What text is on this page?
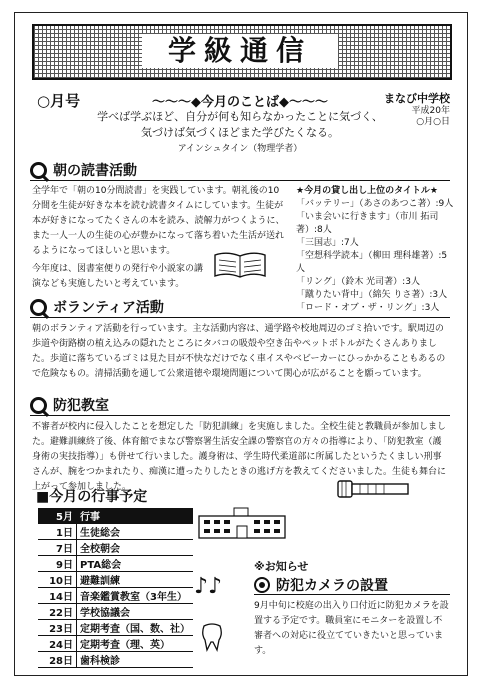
学級通信
○月号	～～～◆今月のことば◆～～～
学べば学ぶほど、自分が何も知らなかったことに気づく、
気づけば気づくほどまた学びたくなる。
アインシュタイン（物理学者）
まなび中学校
平成20年
○月○日
朝の読書活動
全学年で「朝の10分間読書」を実践しています。朝礼後の10分間を生徒が好きな本を読む読書タイムにしています。生徒が本が好きになってたくさんの本を読み、読解力がつくように、また一人一人の生徒の心が豊かになって落ち着いた生活が送れるようになってほしいと思います。
今年度は、図書室便りの発行や小説家の講演なども実施したいと考えています。
★今月の貸し出し上位のタイトル★
「バッテリー」（あさのあつこ著）:9人
「いま会いに行きます」（市川 拓司著）:8人
「三国志」:7人
「空想科学読本」（柳田 理科雄著）:5人
「リング」（鈴木 光司著）:3人
「蹴りたい背中」（綿矢 りさ著）:3人
「ロード・オブ・ザ・リング」:3人
ボランティア活動
朝のボランティア活動を行っています。主な活動内容は、通学路や校地周辺のゴミ拾いです。駅周辺の歩道や街路樹の植え込みの隠れたところにタバコの吸殻や空き缶やペットボトルがたくさんありました。歩道に落ちているゴミは見た目が不快なだけでなく車イスやベビーカーにひっかかることもあるので危険なもの。清掃活動を通して公衆道徳や環境問題について関心が広がることを願っています。
防犯教室
不審者が校内に侵入したことを想定した「防犯訓練」を実施しました。全校生徒と教職員が参加しました。避難訓練終了後、体育館でまなび警察署生活安全課の警察官の方々の指導により、「防犯教室（護身術の実技指導）」も併せて行いました。護身術は、学生時代柔道部に所属したというたくましい刑事さんが、腕をつかまれたり、痴漢に遭ったりしたときの逃げ方を教えてくださいました。生徒も舞台に上がって参加しました。
■今月の行事予定
5月	行事
1日	生徒総会
7日	全校朝会
9日	PTA総会
10日	避難訓練
14日	音楽鑑賞教室（3年生）
22日	学校協議会
23日	定期考査（国、数、社）
24日	定期考査（理、英）
28日	歯科検診
♪♪
※お知らせ
防犯カメラの設置
9月中旬に校庭の出入り口付近に防犯カメラを設置する予定です。職員室にモニターを設置し不審者への対応に役立てていきたいと思っています。
